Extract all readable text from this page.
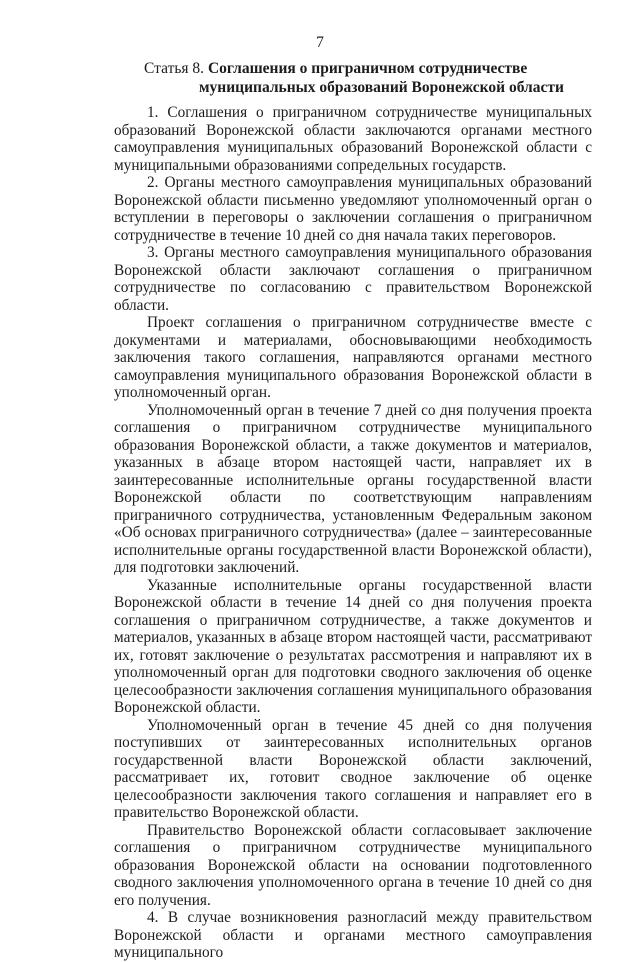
7
Статья 8. Соглашения о приграничном сотрудничестве
муниципальных образований Воронежской области

1. Соглашения о приграничном сотрудничестве муниципальных образований Воронежской области заключаются органами местного самоуправления муниципальных образований Воронежской области с муниципальными образованиями сопредельных государств.

2. Органы местного самоуправления муниципальных образований Воронежской области письменно уведомляют уполномоченный орган о вступлении в переговоры о заключении соглашения о приграничном сотрудничестве в течение 10 дней со дня начала таких переговоров.

3. Органы местного самоуправления муниципального образования Воронежской области заключают соглашения о приграничном сотрудничестве по согласованию с правительством Воронежской области.

Проект соглашения о приграничном сотрудничестве вместе с документами и материалами, обосновывающими необходимость заключения такого соглашения, направляются органами местного самоуправления муниципального образования Воронежской области в уполномоченный орган.

Уполномоченный орган в течение 7 дней со дня получения проекта соглашения о приграничном сотрудничестве муниципального образования Воронежской области, а также документов и материалов, указанных в абзаце втором настоящей части, направляет их в заинтересованные исполнительные органы государственной власти Воронежской области по соответствующим направлениям приграничного сотрудничества, установленным Федеральным законом «Об основах приграничного сотрудничества» (далее – заинтересованные исполнительные органы государственной власти Воронежской области), для подготовки заключений.

Указанные исполнительные органы государственной власти Воронежской области в течение 14 дней со дня получения проекта соглашения о приграничном сотрудничестве, а также документов и материалов, указанных в абзаце втором настоящей части, рассматривают их, готовят заключение о результатах рассмотрения и направляют их в уполномоченный орган для подготовки сводного заключения об оценке целесообразности заключения соглашения муниципального образования Воронежской области.

Уполномоченный орган в течение 45 дней со дня получения поступивших от заинтересованных исполнительных органов государственной власти Воронежской области заключений, рассматривает их, готовит сводное заключение об оценке целесообразности заключения такого соглашения и направляет его в правительство Воронежской области.

Правительство Воронежской области согласовывает заключение соглашения о приграничном сотрудничестве муниципального образования Воронежской области на основании подготовленного сводного заключения уполномоченного органа в течение 10 дней со дня его получения.

4. В случае возникновения разногласий между правительством Воронежской области и органами местного самоуправления муниципального
